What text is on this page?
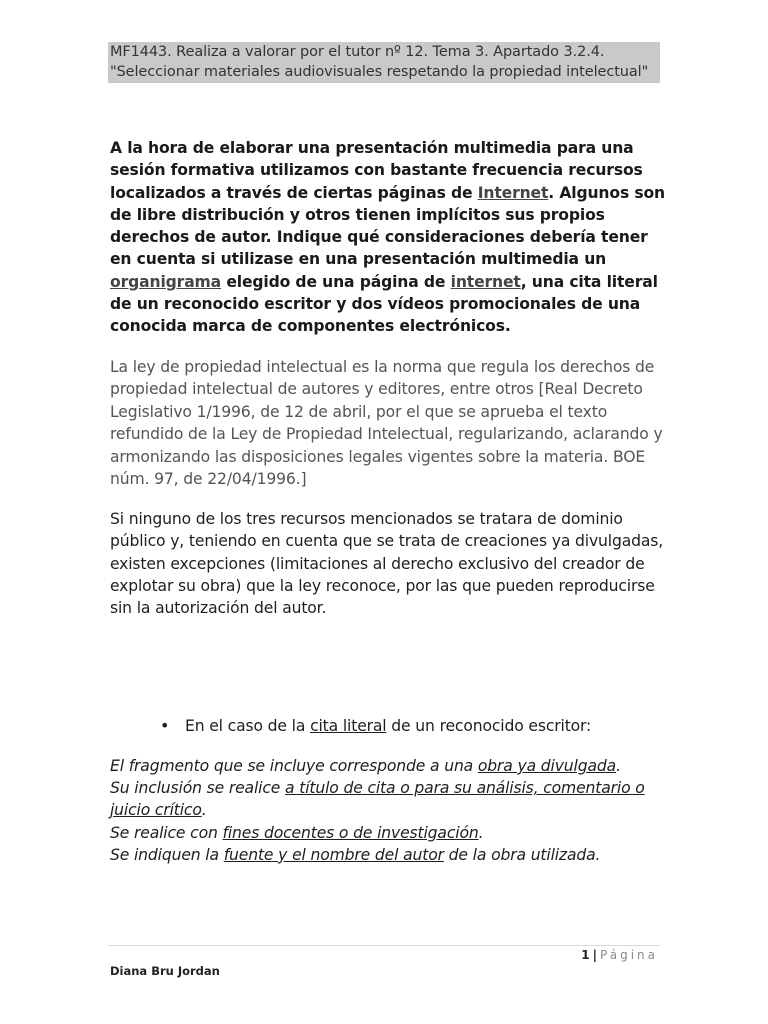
MF1443. Realiza a valorar por el tutor nº 12. Tema 3. Apartado 3.2.4.
"Seleccionar materiales audiovisuales respetando la propiedad intelectual"

A la hora de elaborar una presentación multimedia para una sesión formativa utilizamos con bastante frecuencia recursos localizados a través de ciertas páginas de Internet. Algunos son de libre distribución y otros tienen implícitos sus propios derechos de autor. Indique qué consideraciones debería tener en cuenta si utilizase en una presentación multimedia un organigrama elegido de una página de internet, una cita literal de un reconocido escritor y dos vídeos promocionales de una conocida marca de componentes electrónicos.

La ley de propiedad intelectual es la norma que regula los derechos de propiedad intelectual de autores y editores, entre otros [Real Decreto Legislativo 1/1996, de 12 de abril, por el que se aprueba el texto refundido de la Ley de Propiedad Intelectual, regularizando, aclarando y armonizando las disposiciones legales vigentes sobre la materia. BOE núm. 97, de 22/04/1996.]

Si ninguno de los tres recursos mencionados se tratara de dominio público y, teniendo en cuenta que se trata de creaciones ya divulgadas, existen excepciones (limitaciones al derecho exclusivo del creador de explotar su obra) que la ley reconoce, por las que pueden reproducirse sin la autorización del autor.

• En el caso de la cita literal de un reconocido escritor:

El fragmento que se incluye corresponde a una obra ya divulgada.
Su inclusión se realice a título de cita o para su análisis, comentario o juicio crítico.
Se realice con fines docentes o de investigación.
Se indiquen la fuente y el nombre del autor de la obra utilizada.

1 | Página
Diana Bru Jordan
